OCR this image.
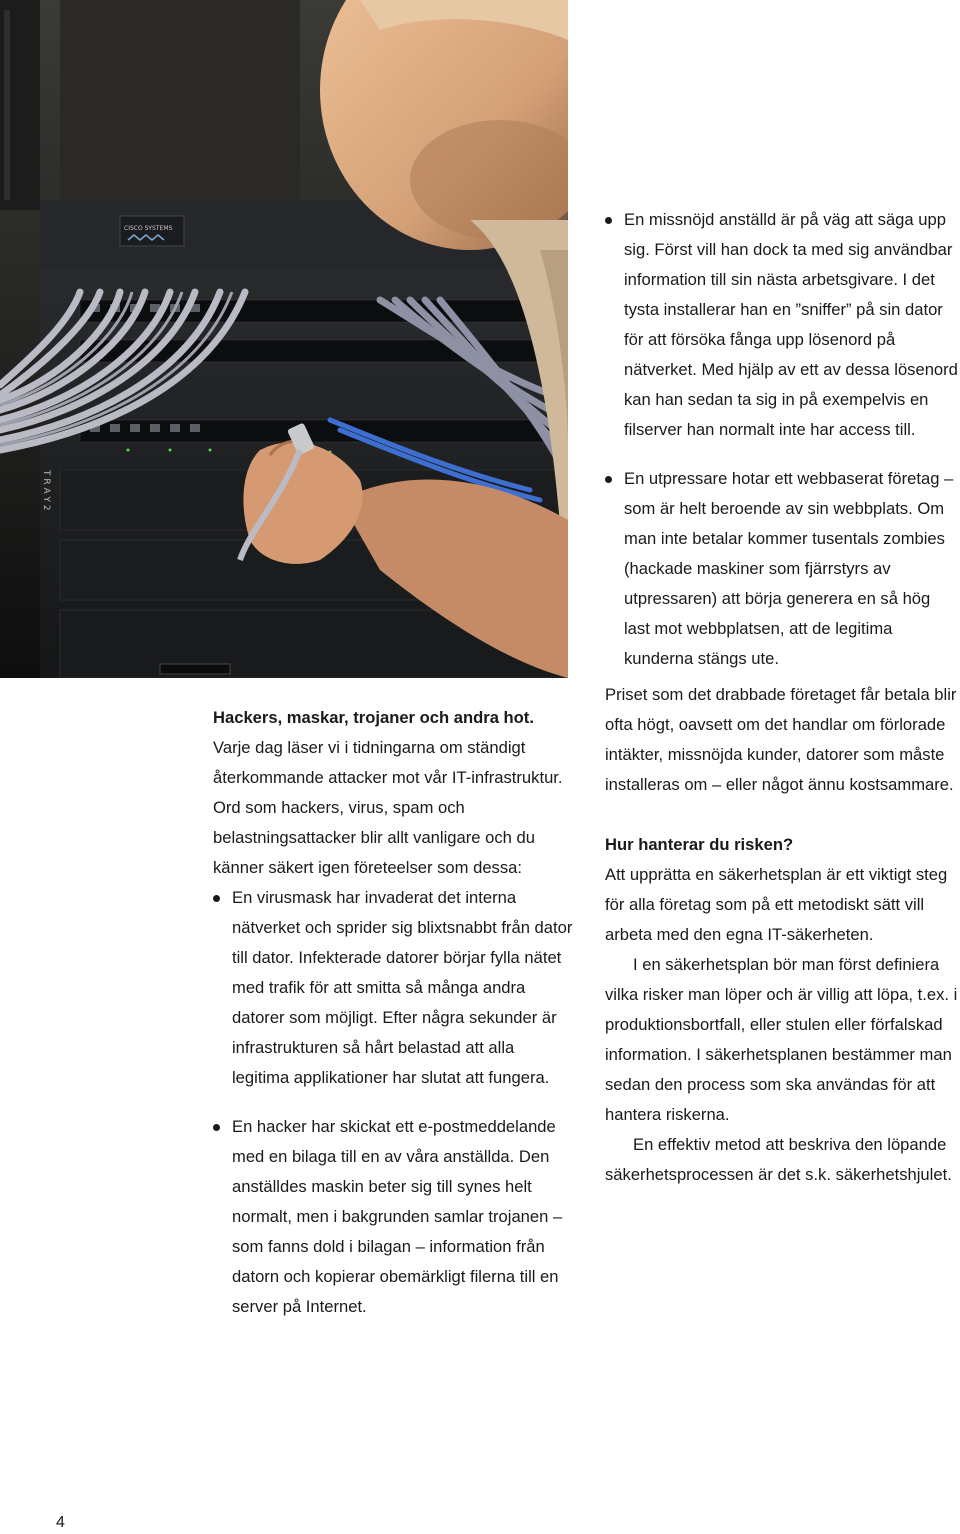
CISCO SYSTEMS
T R A Y 2

Hackers, maskar, trojaner och andra hot.
Varje dag läser vi i tidningarna om ständigt återkommande attacker mot vår IT-infrastruktur. Ord som hackers, virus, spam och belastningsattacker blir allt vanligare och du känner säkert igen företeelser som dessa:

En virusmask har invaderat det interna nätverket och sprider sig blixtsnabbt från dator till dator. Infekterade datorer börjar fylla nätet med trafik för att smitta så många andra datorer som möjligt. Efter några sekunder är infrastrukturen så hårt belastad att alla legitima applikationer har slutat att fungera.
En hacker har skickat ett e-postmeddelande med en bilaga till en av våra anställda. Den anställdes maskin beter sig till synes helt normalt, men i bakgrunden samlar trojanen – som fanns dold i bilagan – information från datorn och kopierar obemärkligt filerna till en server på Internet.
En missnöjd anställd är på väg att säga upp sig. Först vill han dock ta med sig användbar information till sin nästa arbetsgivare. I det tysta installerar han en ”sniffer” på sin dator för att försöka fånga upp lösenord på nätverket. Med hjälp av ett av dessa lösenord kan han sedan ta sig in på exempelvis en filserver han normalt inte har access till.
En utpressare hotar ett webbaserat företag – som är helt beroende av sin webbplats. Om man inte betalar kommer tusentals zombies (hackade maskiner som fjärrstyrs av utpressaren) att börja generera en så hög last mot webbplatsen, att de legitima kunderna stängs ute.

Priset som det drabbade företaget får betala blir ofta högt, oavsett om det handlar om förlorade intäkter, missnöjda kunder, datorer som måste installeras om – eller något ännu kostsammare.

Hur hanterar du risken?

Att upprätta en säkerhetsplan är ett viktigt steg för alla företag som på ett metodiskt sätt vill arbeta med den egna IT-säkerheten.

I en säkerhetsplan bör man först definiera vilka risker man löper och är villig att löpa, t.ex. i produktionsbortfall, eller stulen eller förfalskad information. I säkerhetsplanen bestämmer man sedan den process som ska användas för att hantera riskerna.

En effektiv metod att beskriva den löpande säkerhetsprocessen är det s.k. säkerhetshjulet.

4
